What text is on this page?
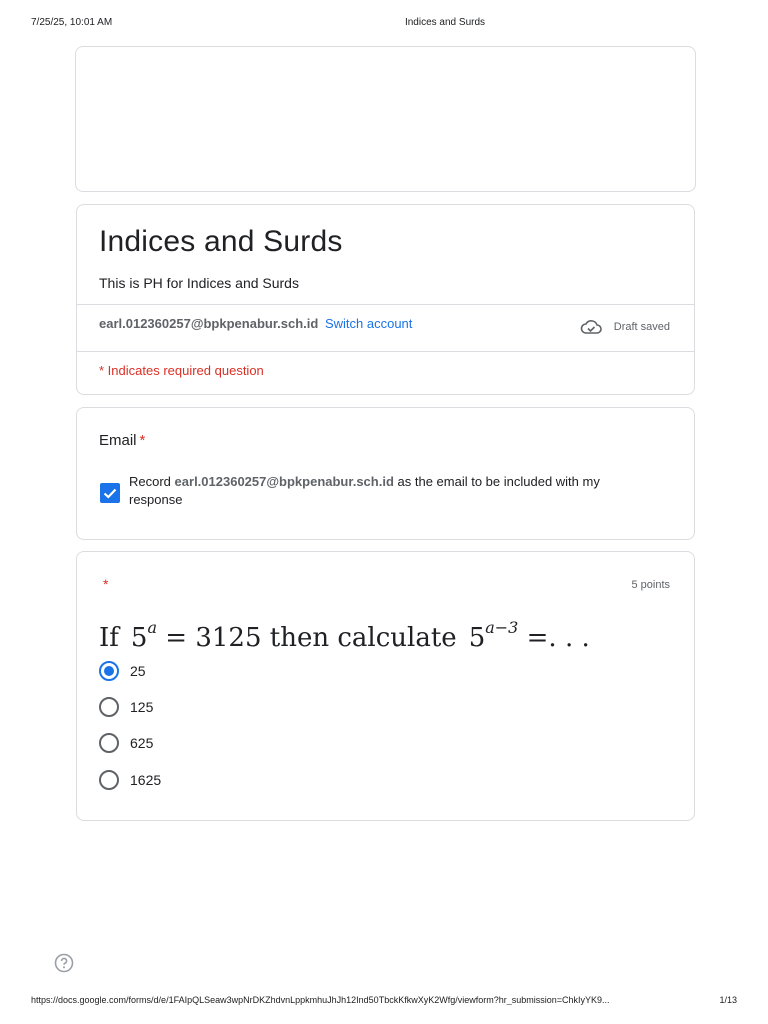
7/25/25, 10:01 AM	Indices and Surds
Indices and Surds
This is PH for Indices and Surds
earl.012360257@bpkpenabur.sch.id Switch account	Draft saved
* Indicates required question
Email *
Record earl.012360257@bpkpenabur.sch.id as the email to be included with my response
*	5 points
If $5^a = 3125$ then calculate $5^{a-3}$ =. . .
25
125
625
1625
https://docs.google.com/forms/d/e/1FAIpQLSeaw3wpNrDKZhdvnLppkmhuJhJh12Ind50TbckKfkwXyK2Wfg/viewform?hr_submission=ChkIyYK9...	1/13
